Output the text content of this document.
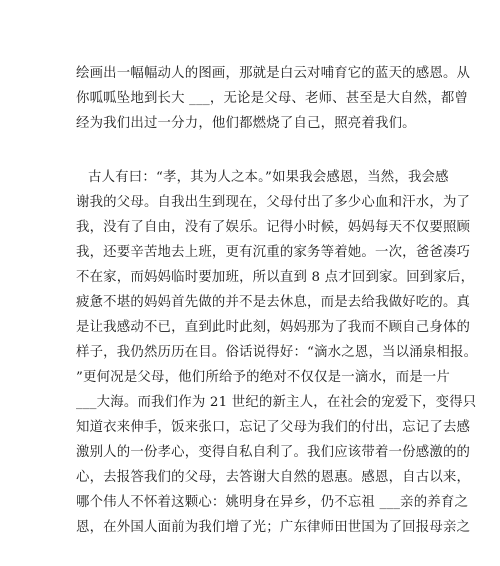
绘画出一幅幅动人的图画，那就是白云对哺育它的蓝天的感恩。从
你呱呱坠地到长大 ___，无论是父母、老师、甚至是大自然，都曾
经为我们出过一分力，他们都燃烧了自己，照亮着我们。
古人有曰：“孝，其为人之本。”如果我会感恩，当然，我会感
谢我的父母。自我出生到现在，父母付出了多少心血和汗水，为了
我，没有了自由，没有了娱乐。记得小时候，妈妈每天不仅要照顾
我，还要辛苦地去上班，更有沉重的家务等着她。一次，爸爸凑巧
不在家，而妈妈临时要加班，所以直到 8 点才回到家。回到家后，
疲惫不堪的妈妈首先做的并不是去休息，而是去给我做好吃的。真
是让我感动不已，直到此时此刻，妈妈那为了我而不顾自己身体的
样子，我仍然历历在目。俗话说得好：“滴水之恩，当以涌泉相报。
”更何况是父母，他们所给予的绝对不仅仅是一滴水，而是一片
___大海。而我们作为 21 世纪的新主人，在社会的宠爱下，变得只
知道衣来伸手，饭来张口，忘记了父母为我们的付出，忘记了去感
激别人的一份孝心，变得自私自利了。我们应该带着一份感激的的
心，去报答我们的父母，去答谢大自然的恩惠。感恩，自古以来，
哪个伟人不怀着这颗心：姚明身在异乡，仍不忘祖 ___亲的养育之
恩，在外国人面前为我们增了光；广东律师田世国为了回报母亲之
